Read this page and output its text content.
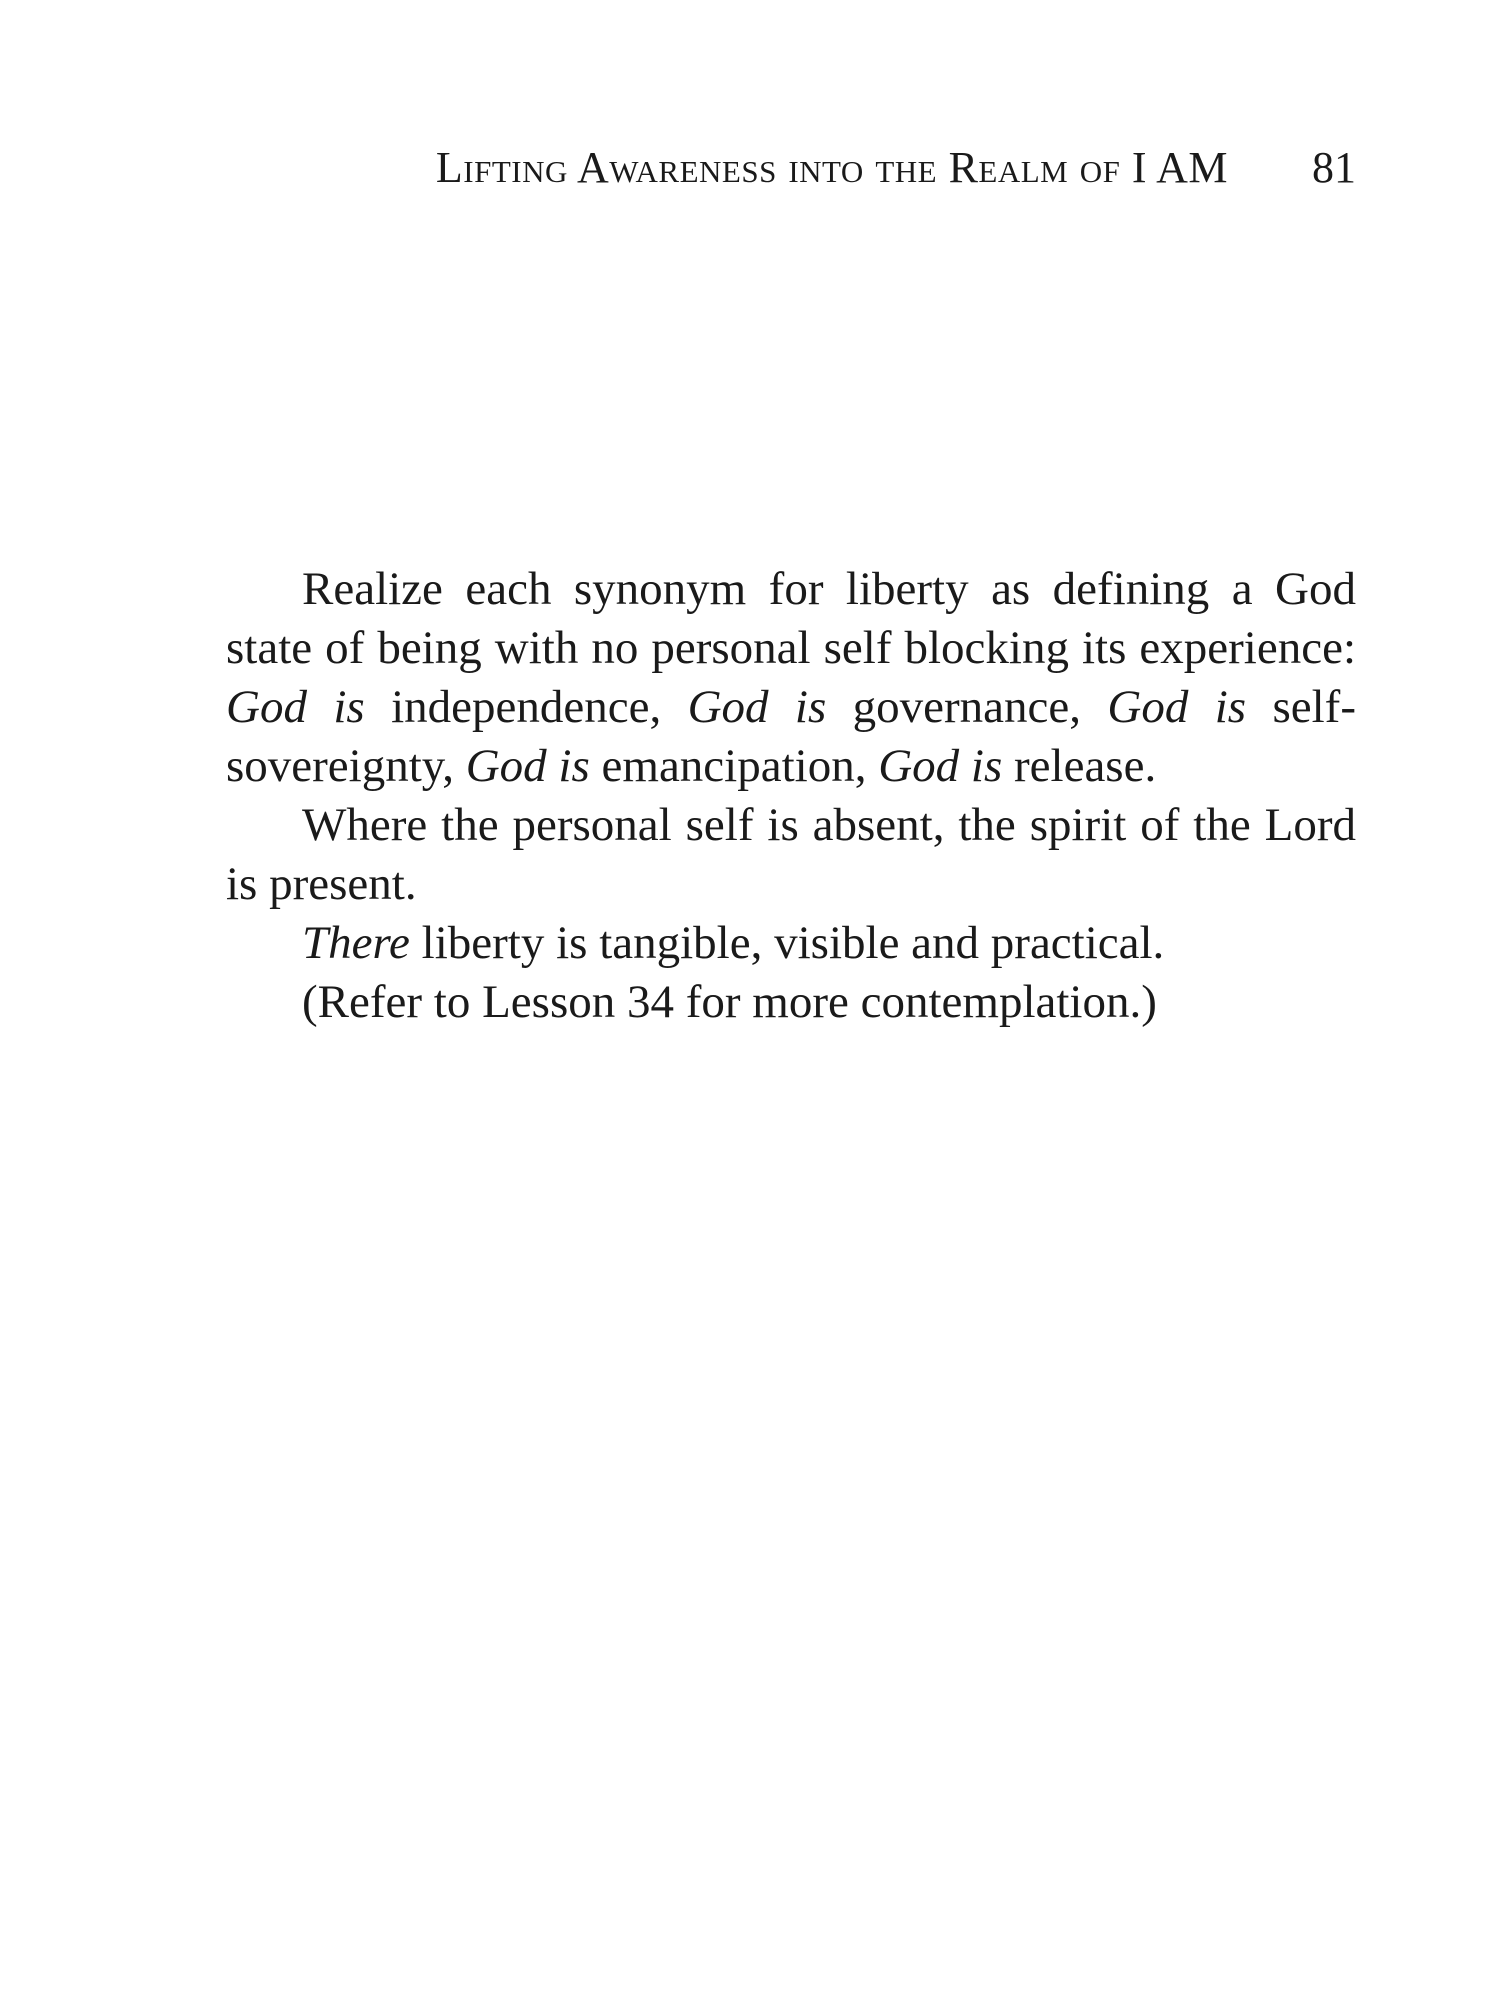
Lifting Awareness into the Realm of I AM 81

Realize each synonym for liberty as defining a God state of being with no personal self blocking its experience: God is independence, God is governance, God is self-sovereignty, God is emancipation, God is release.

Where the personal self is absent, the spirit of the Lord is present.

There liberty is tangible, visible and practical.

(Refer to Lesson 34 for more contemplation.)
